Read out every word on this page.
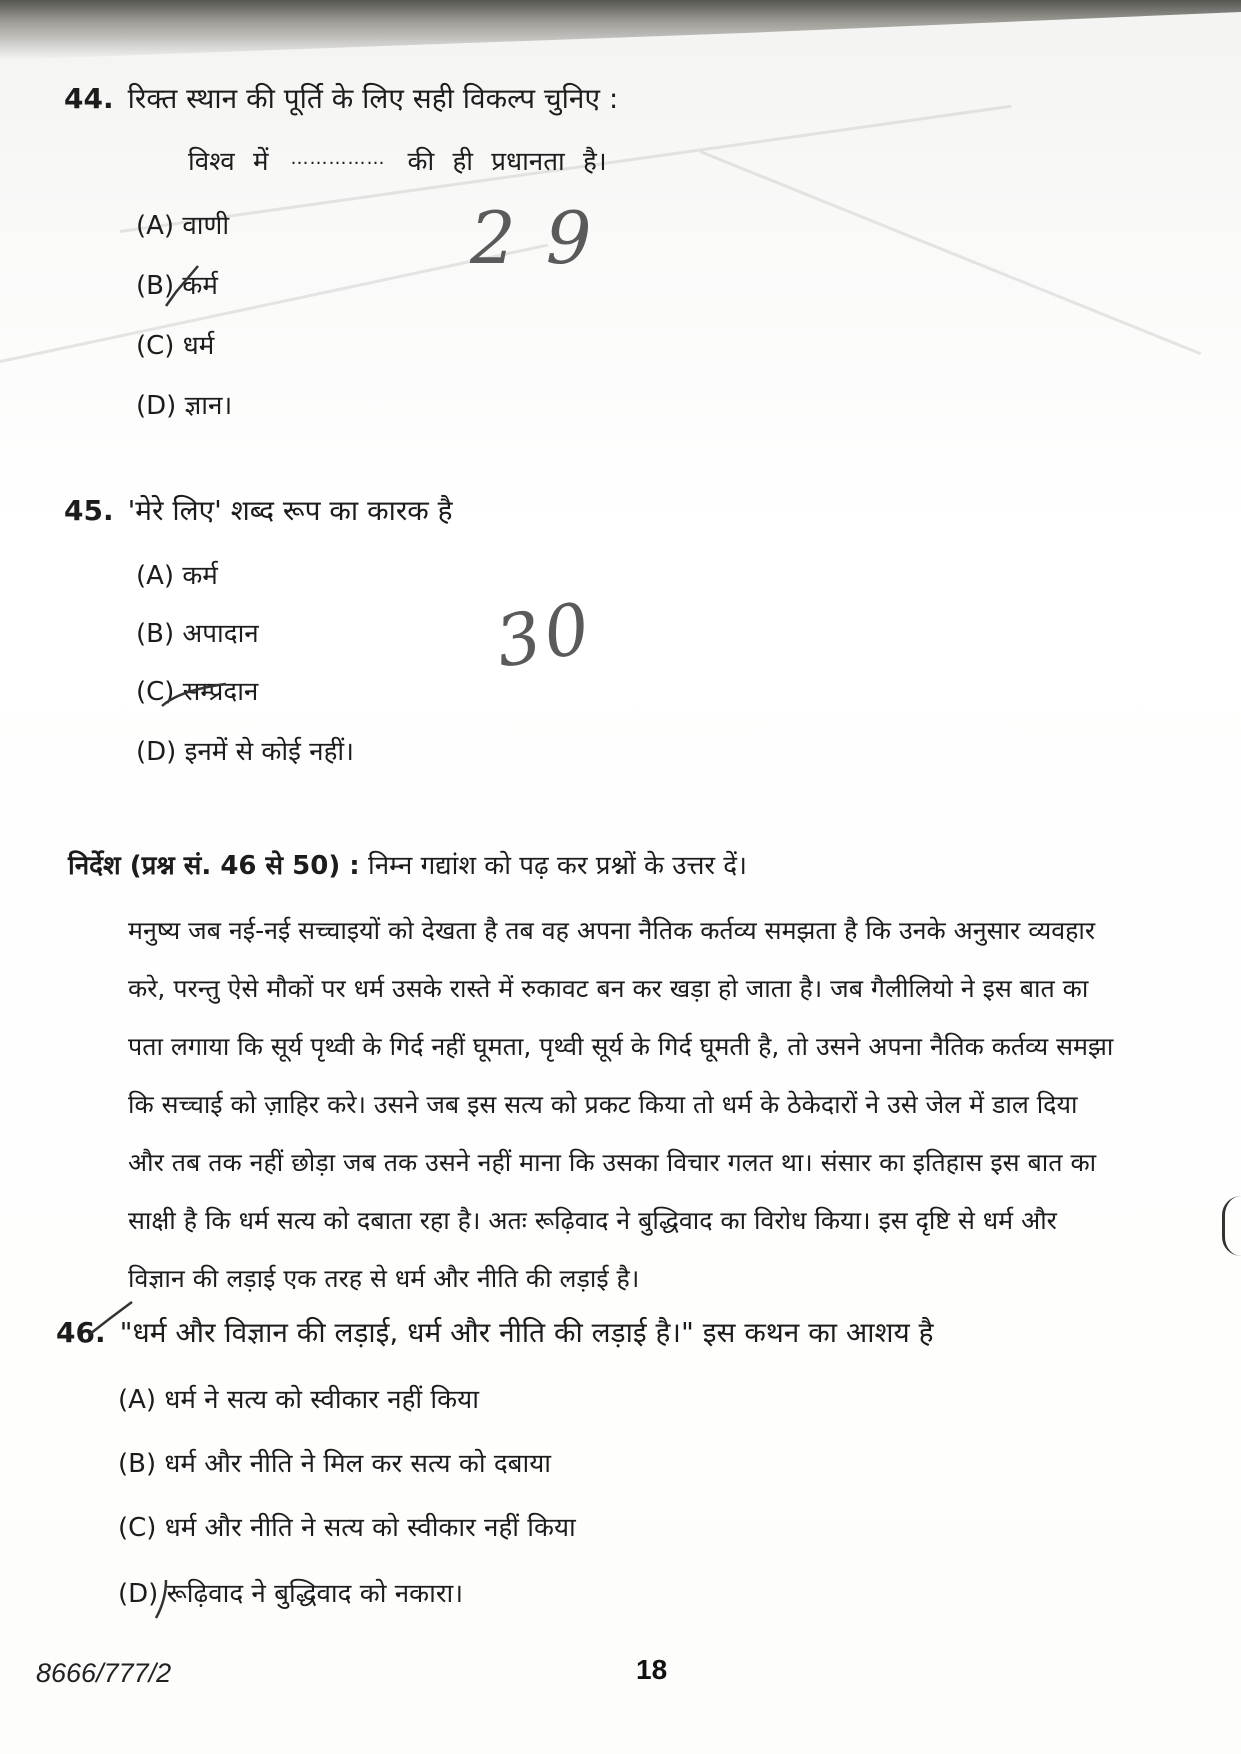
44. रिक्त स्थान की पूर्ति के लिए सही विकल्प चुनिए :
विश्व में …………… की ही प्रधानता है।
(A) वाणी
(B) कर्म
(C) धर्म
(D) ज्ञान।
29
45. 'मेरे लिए' शब्द रूप का कारक है
(A) कर्म
(B) अपादान
(C) सम्प्रदान
(D) इनमें से कोई नहीं।
30
निर्देश (प्रश्न सं. 46 से 50) : निम्न गद्यांश को पढ़ कर प्रश्नों के उत्तर दें।
मनुष्य जब नई-नई सच्चाइयों को देखता है तब वह अपना नैतिक कर्तव्य समझता है कि उनके अनुसार व्यवहार
करे, परन्तु ऐसे मौकों पर धर्म उसके रास्ते में रुकावट बन कर खड़ा हो जाता है। जब गैलीलियो ने इस बात का
पता लगाया कि सूर्य पृथ्वी के गिर्द नहीं घूमता, पृथ्वी सूर्य के गिर्द घूमती है, तो उसने अपना नैतिक कर्तव्य समझा
कि सच्चाई को ज़ाहिर करे। उसने जब इस सत्य को प्रकट किया तो धर्म के ठेकेदारों ने उसे जेल में डाल दिया
और तब तक नहीं छोड़ा जब तक उसने नहीं माना कि उसका विचार गलत था। संसार का इतिहास इस बात का
साक्षी है कि धर्म सत्य को दबाता रहा है। अतः रूढ़िवाद ने बुद्धिवाद का विरोध किया। इस दृष्टि से धर्म और
विज्ञान की लड़ाई एक तरह से धर्म और नीति की लड़ाई है।
46. "धर्म और विज्ञान की लड़ाई, धर्म और नीति की लड़ाई है।" इस कथन का आशय है
(A) धर्म ने सत्य को स्वीकार नहीं किया
(B) धर्म और नीति ने मिल कर सत्य को दबाया
(C) धर्म और नीति ने सत्य को स्वीकार नहीं किया
(D) रूढ़िवाद ने बुद्धिवाद को नकारा।
8666/777/2	18
